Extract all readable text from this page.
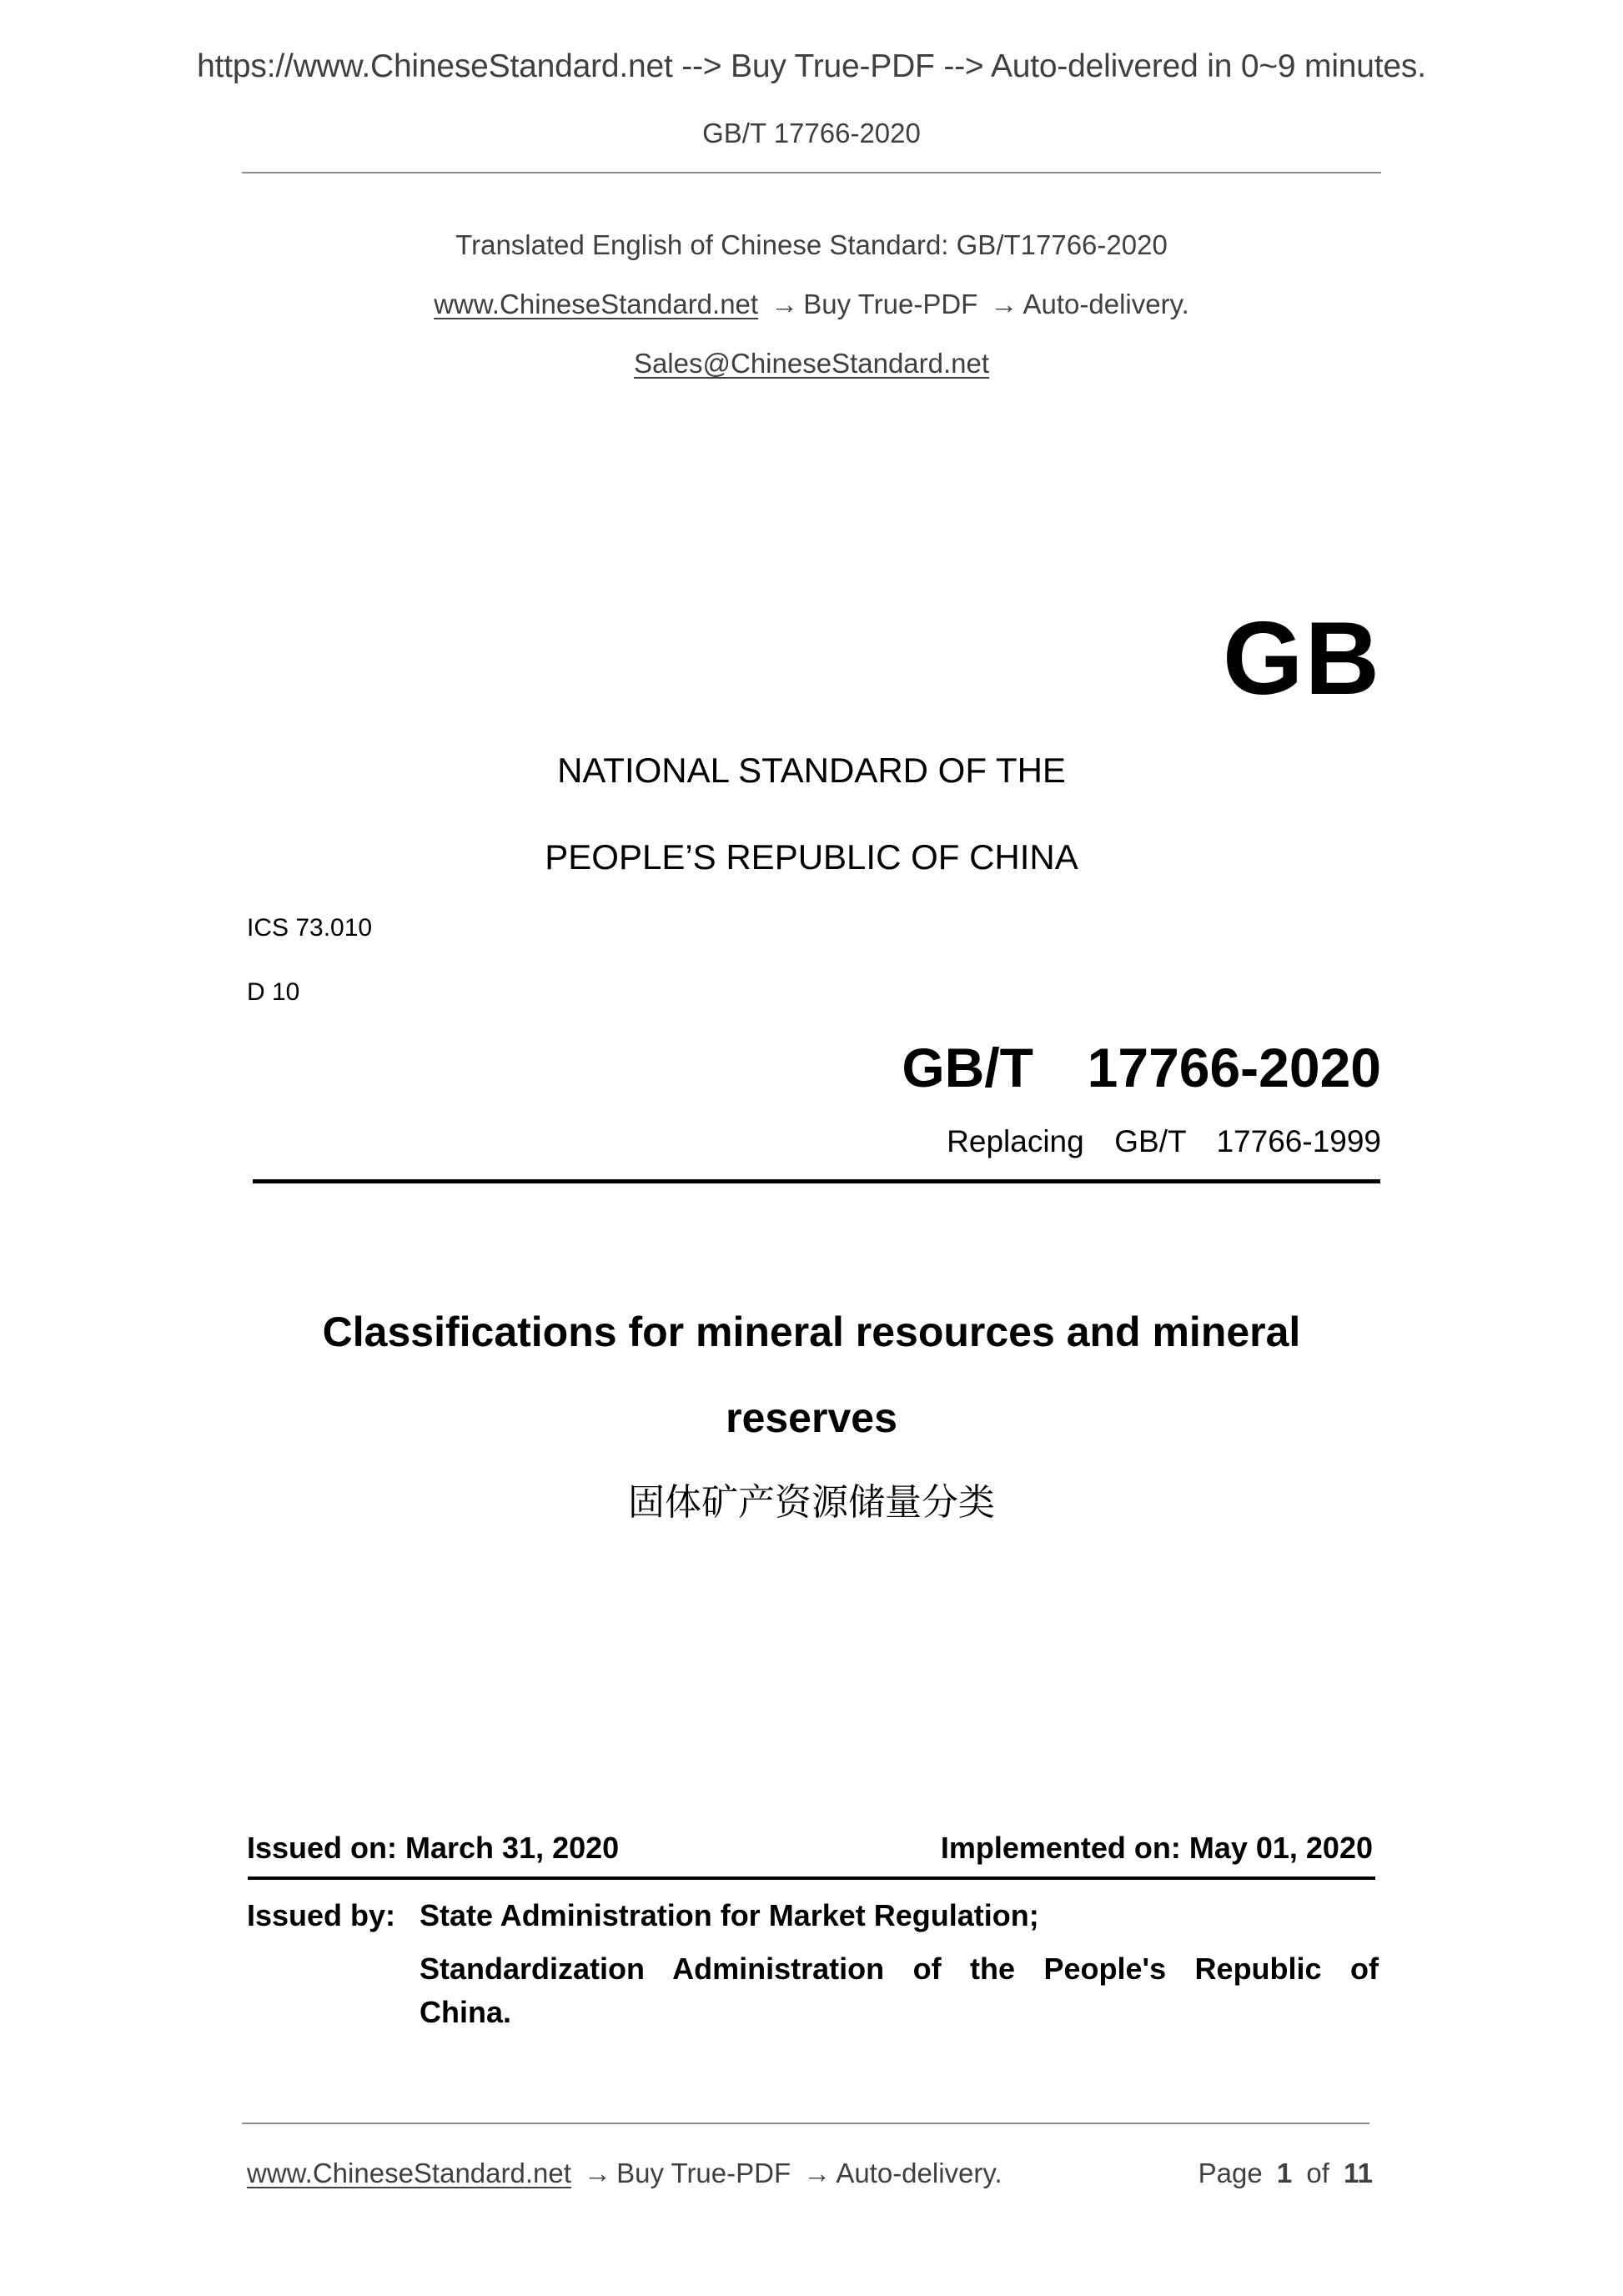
https://www.ChineseStandard.net --> Buy True-PDF --> Auto-delivered in 0~9 minutes.
GB/T 17766-2020
Translated English of Chinese Standard: GB/T17766-2020
www.ChineseStandard.net → Buy True-PDF → Auto-delivery.
Sales@ChineseStandard.net
GB
NATIONAL STANDARD OF THE
PEOPLE’S REPUBLIC OF CHINA
ICS 73.010
D 10
GB/T  17766-2020
Replacing  GB/T  17766-1999
Classifications for mineral resources and mineral
reserves
固体矿产资源储量分类
Issued on: March 31, 2020	Implemented on: May 01, 2020
Issued by: State Administration for Market Regulation;
Standardization Administration of the People's Republic of
China.
www.ChineseStandard.net → Buy True-PDF → Auto-delivery.	Page 1 of 11
